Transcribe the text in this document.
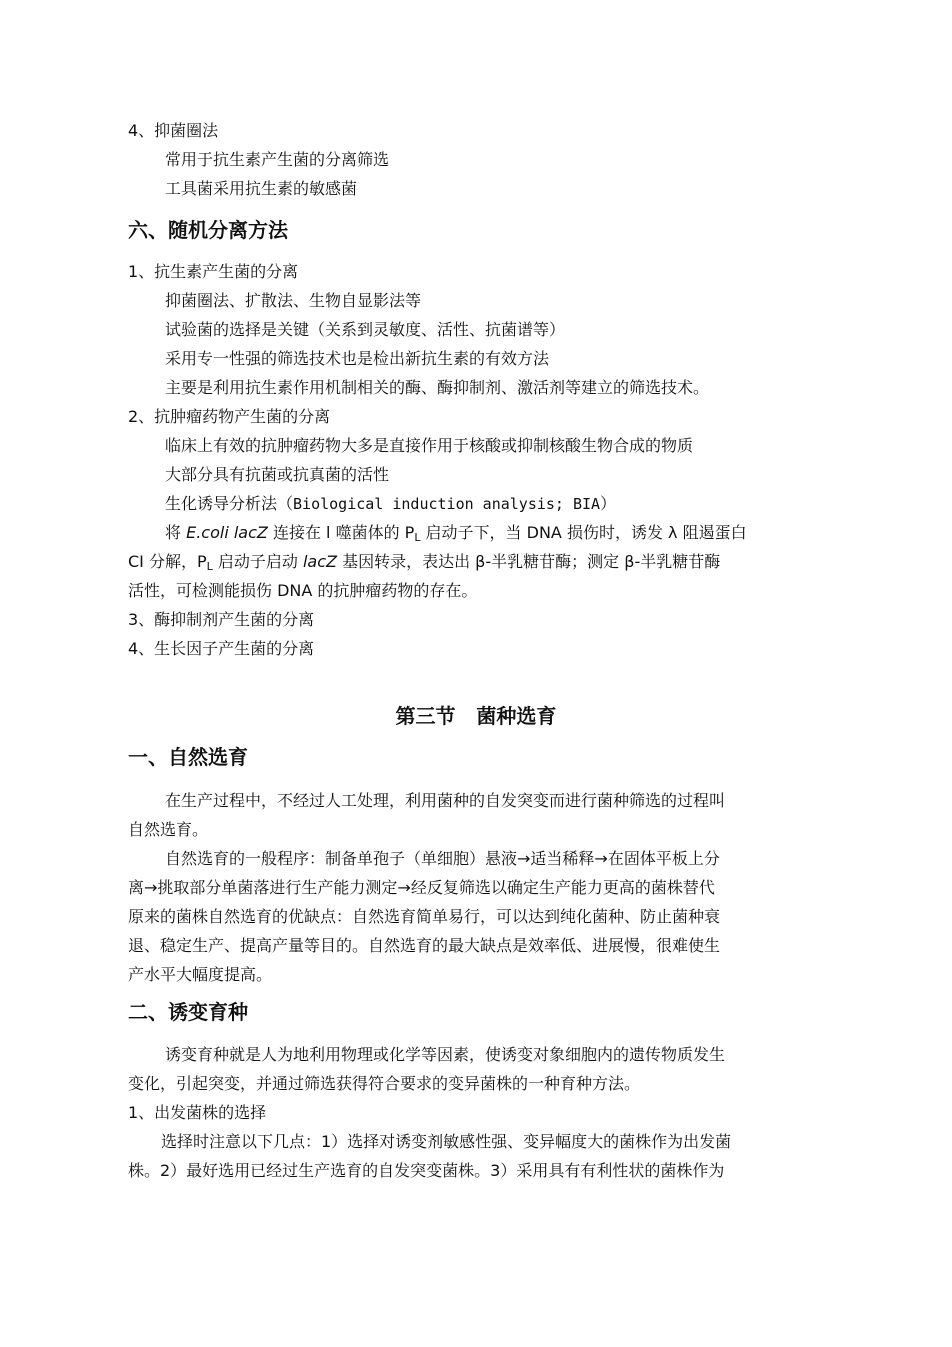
4、抑菌圈法
常用于抗生素产生菌的分离筛选
工具菌采用抗生素的敏感菌
六、随机分离方法
1、抗生素产生菌的分离
抑菌圈法、扩散法、生物自显影法等
试验菌的选择是关键（关系到灵敏度、活性、抗菌谱等）
采用专一性强的筛选技术也是检出新抗生素的有效方法
主要是利用抗生素作用机制相关的酶、酶抑制剂、激活剂等建立的筛选技术。
2、抗肿瘤药物产生菌的分离
临床上有效的抗肿瘤药物大多是直接作用于核酸或抑制核酸生物合成的物质
大部分具有抗菌或抗真菌的活性
生化诱导分析法（Biological induction analysis; BIA）
将 E.coli lacZ 连接在 l 噬菌体的 $P_L$ 启动子下，当 DNA 损伤时，诱发 λ 阻遏蛋白
CI 分解，$P_L$ 启动子启动 lacZ 基因转录，表达出 β-半乳糖苷酶；测定 β-半乳糖苷酶
活性，可检测能损伤 DNA 的抗肿瘤药物的存在。
3、酶抑制剂产生菌的分离
4、生长因子产生菌的分离
第三节   菌种选育
一、自然选育
在生产过程中，不经过人工处理，利用菌种的自发突变而进行菌种筛选的过程叫
自然选育。
自然选育的一般程序：制备单孢子（单细胞）悬液→适当稀释→在固体平板上分
离→挑取部分单菌落进行生产能力测定→经反复筛选以确定生产能力更高的菌株替代
原来的菌株自然选育的优缺点：自然选育简单易行，可以达到纯化菌种、防止菌种衰
退、稳定生产、提高产量等目的。自然选育的最大缺点是效率低、进展慢，很难使生
产水平大幅度提高。
二、诱变育种
诱变育种就是人为地利用物理或化学等因素，使诱变对象细胞内的遗传物质发生
变化，引起突变，并通过筛选获得符合要求的变异菌株的一种育种方法。
1、出发菌株的选择
选择时注意以下几点：1）选择对诱变剂敏感性强、变异幅度大的菌株作为出发菌
株。2）最好选用已经过生产选育的自发突变菌株。3）采用具有有利性状的菌株作为
